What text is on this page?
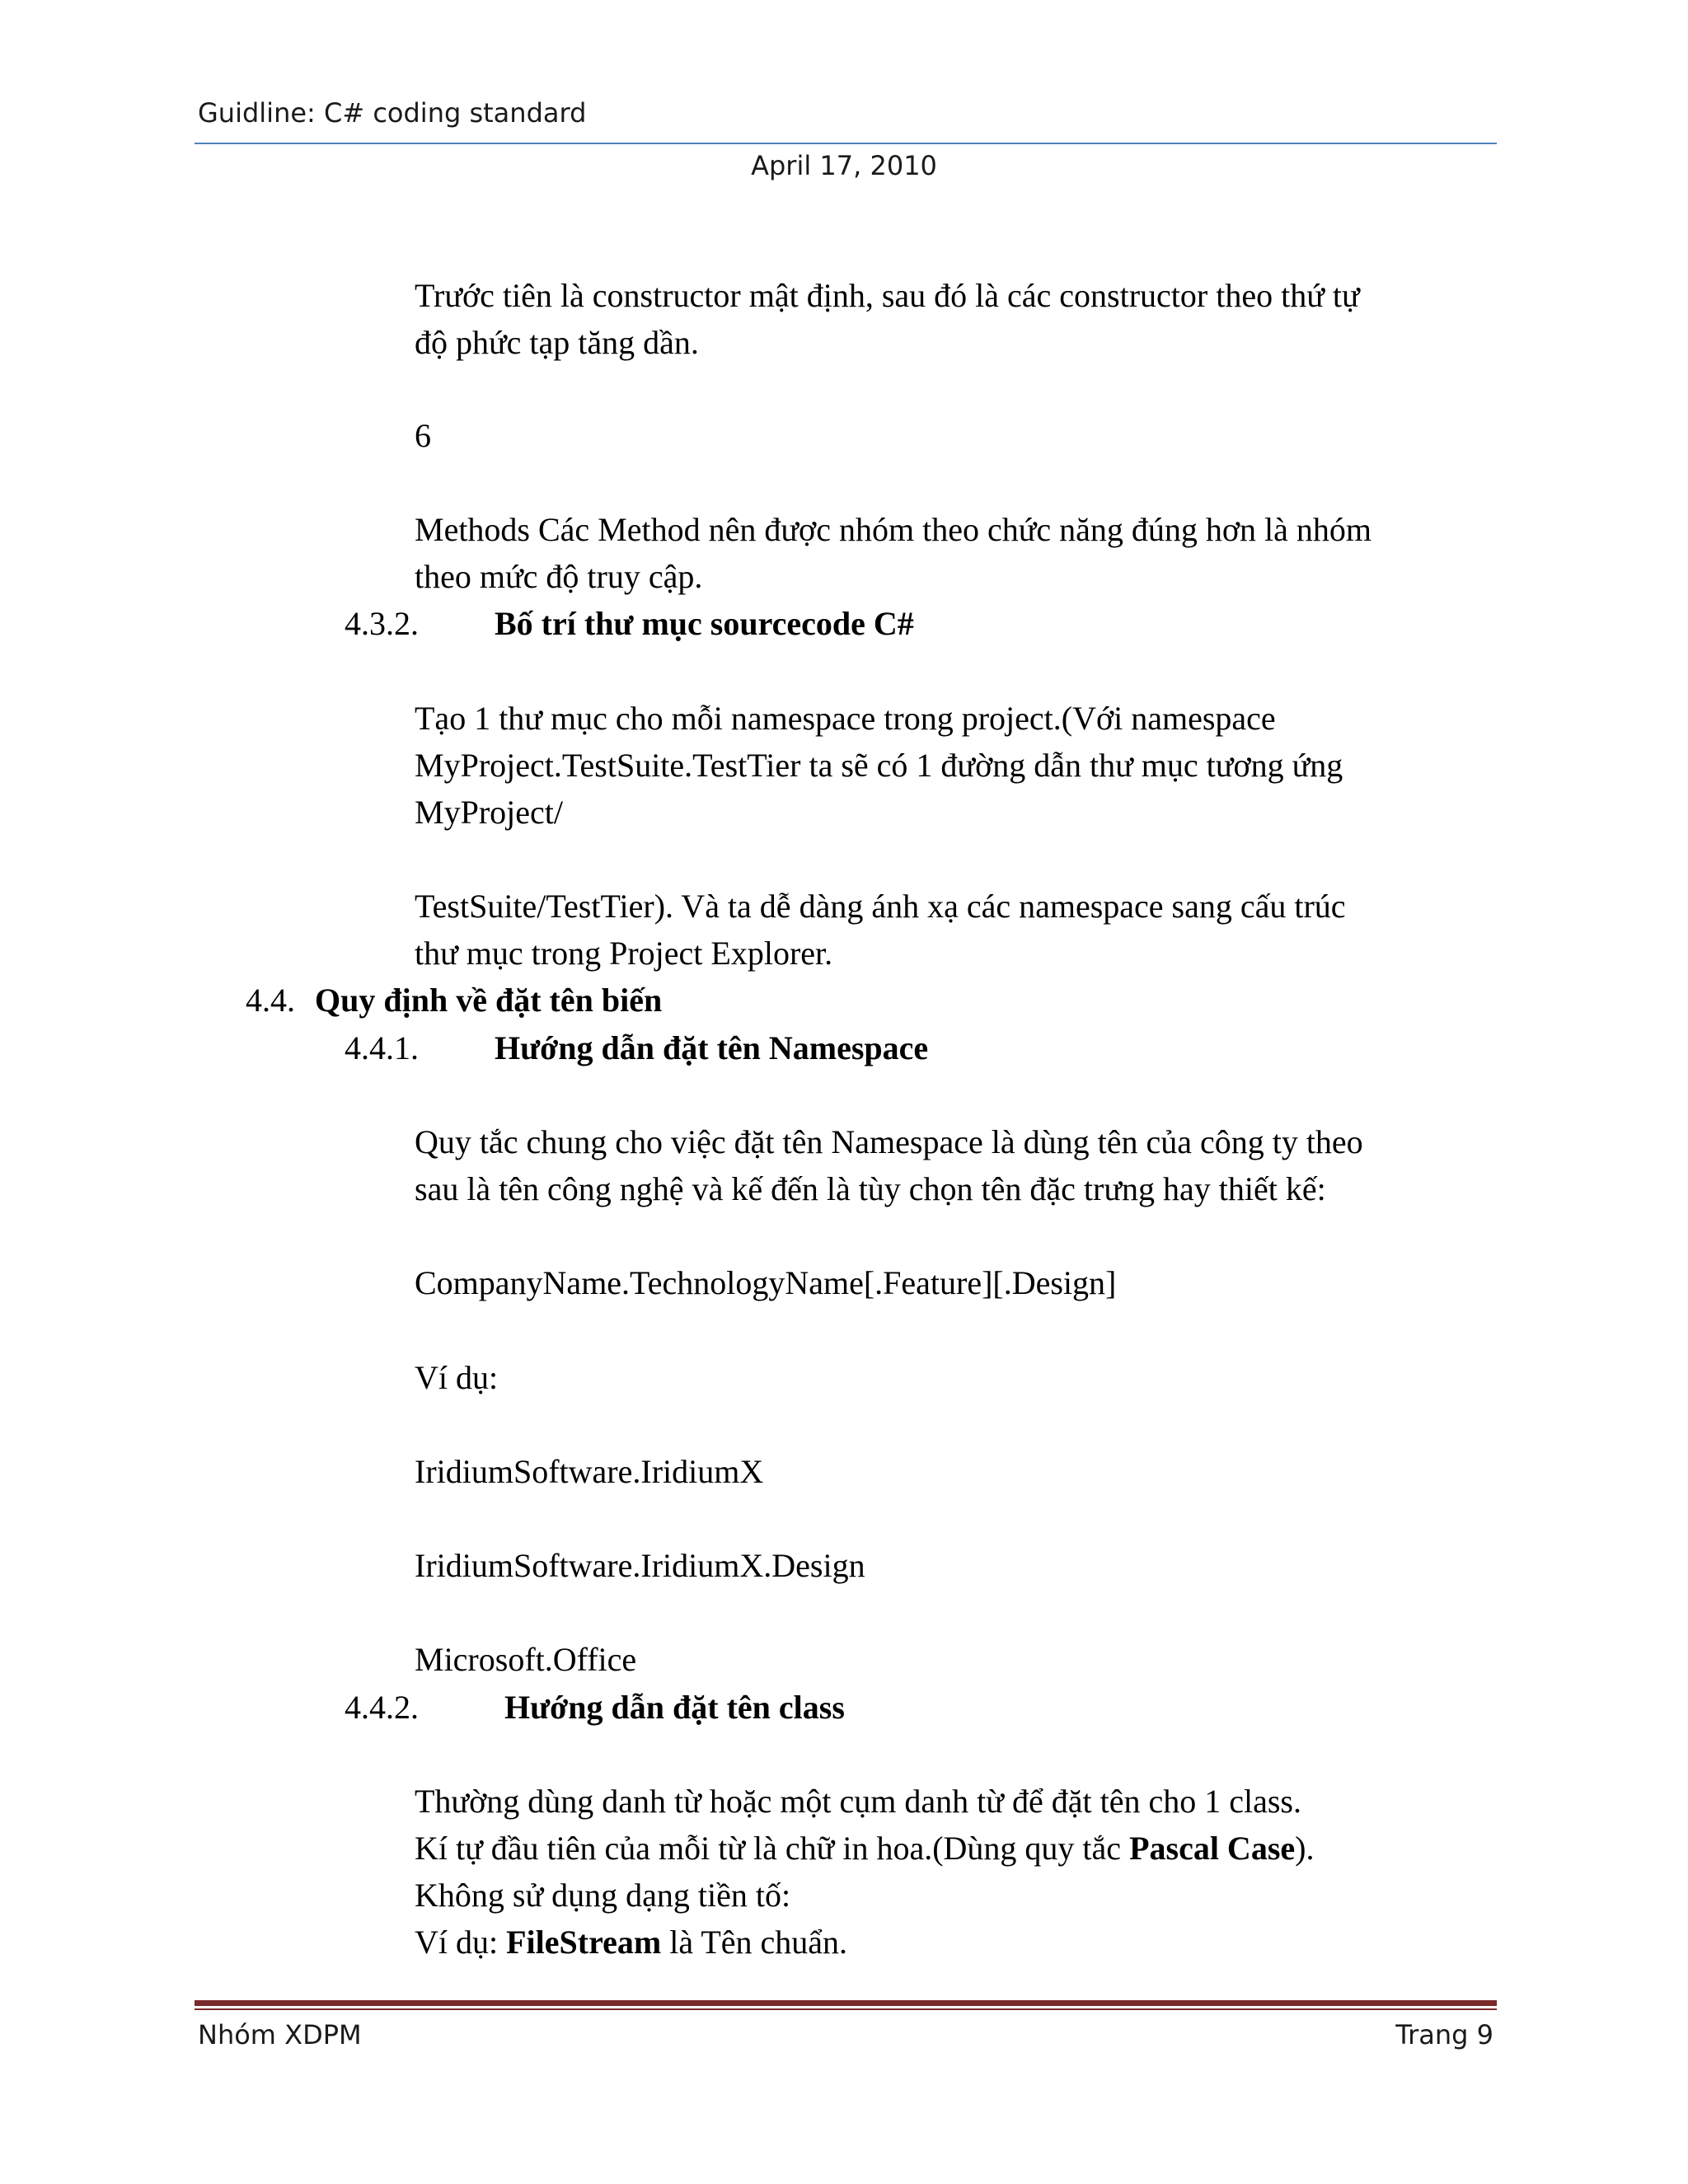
Guidline: C# coding standard
April 17, 2010
Trước tiên là constructor mật định, sau đó là các constructor theo thứ tự
độ phức tạp tăng dần.
6
Methods Các Method nên được nhóm theo chức năng đúng hơn là nhóm
theo mức độ truy cập.
4.3.2. Bố trí thư mục sourcecode C#
Tạo 1 thư mục cho mỗi namespace trong project.(Với namespace
MyProject.TestSuite.TestTier ta sẽ có 1 đường dẫn thư mục tương ứng
MyProject/
TestSuite/TestTier). Và ta dễ dàng ánh xạ các namespace sang cấu trúc
thư mục trong Project Explorer.
4.4. Quy định về đặt tên biến
4.4.1. Hướng dẫn đặt tên Namespace
Quy tắc chung cho việc đặt tên Namespace là dùng tên của công ty theo
sau là tên công nghệ và kế đến là tùy chọn tên đặc trưng hay thiết kế:
CompanyName.TechnologyName[.Feature][.Design]
Ví dụ:
IridiumSoftware.IridiumX
IridiumSoftware.IridiumX.Design
Microsoft.Office
4.4.2.	Hướng dẫn đặt tên class
Thường dùng danh từ hoặc một cụm danh từ để đặt tên cho 1 class.
Kí tự đầu tiên của mỗi từ là chữ in hoa.(Dùng quy tắc Pascal Case).
Không sử dụng dạng tiền tố:
Ví dụ: FileStream là Tên chuẩn.
Nhóm XDPM	Trang 9
